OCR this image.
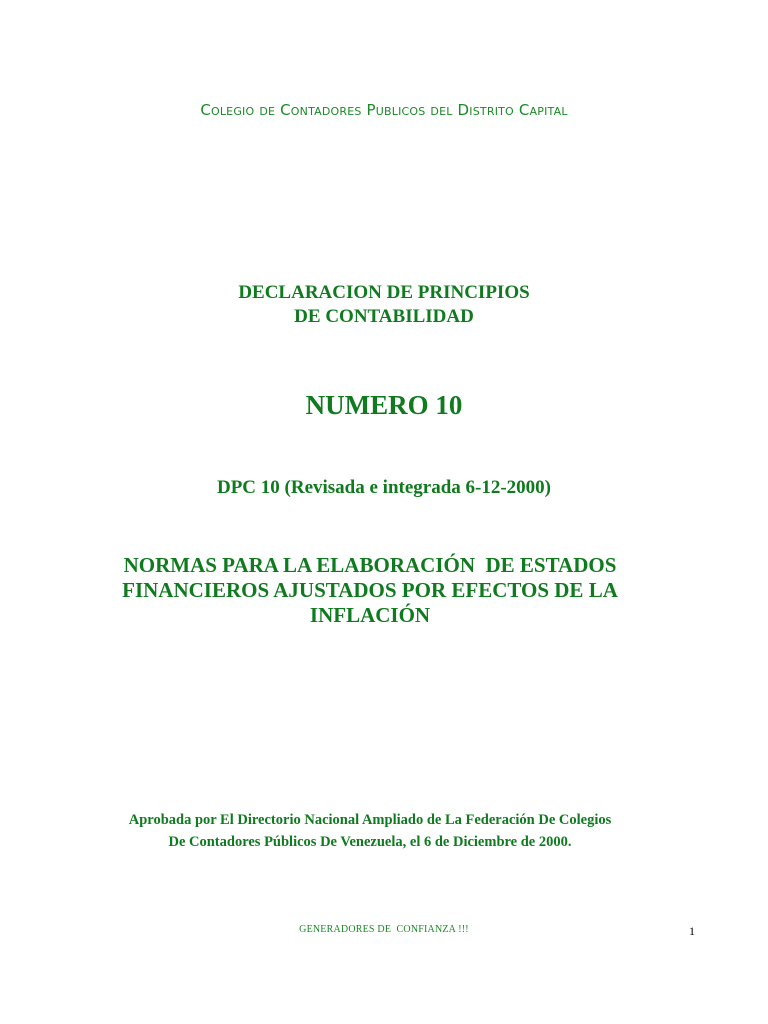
Colegio de Contadores Publicos del Distrito Capital
DECLARACION DE PRINCIPIOS
DE CONTABILIDAD
NUMERO 10
DPC 10 (Revisada e integrada 6-12-2000)
NORMAS PARA LA ELABORACIÓN  DE ESTADOS
FINANCIEROS AJUSTADOS POR EFECTOS DE LA
INFLACIÓN
Aprobada por El Directorio Nacional Ampliado de La Federación De Colegios
De Contadores Públicos De Venezuela, el 6 de Diciembre de 2000.
GENERADORES DE  CONFIANZA !!!	1
